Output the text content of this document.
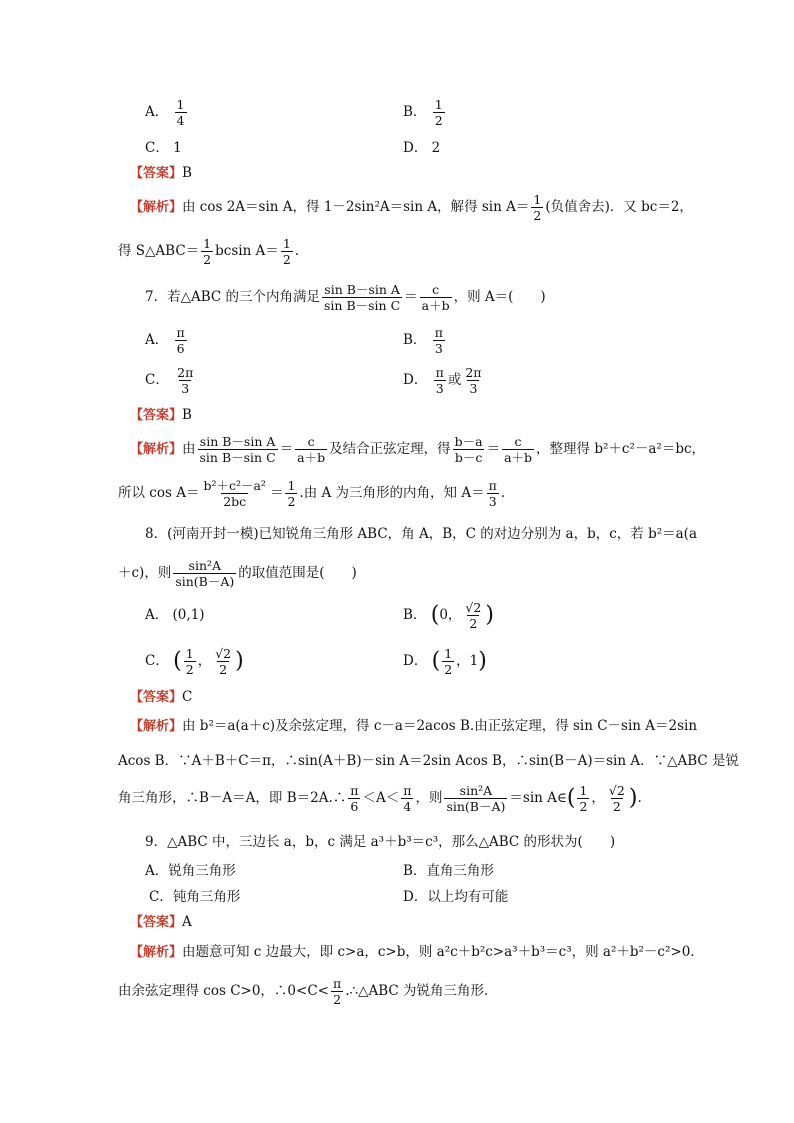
A． $\frac{1}{4}$	B． $\frac{1}{2}$
C． 1	D． 2
【答案】B
【解析】由 cos 2A＝sin A，得 1－2sin²A＝sin A，解得 $\sin A= \frac{1}{2}$ (负值舍去)．又 bc＝2，
得 S△ABC＝ $\frac{1}{2}$ bcsin $A= \frac{1}{2}$ .
7．若△ABC 的三个内角满足 $\frac{\text{sin B－sin A}}{\text{sin B－sin C}} = \frac{c}{a+b}$ ，则 A＝(　　)
A． $\frac{\pi}{6}$	B． $\frac{\pi}{3}$
C． $\frac{2\pi}{3}$	D． $\frac{\pi}{3}$ 或 $\frac{2\pi}{3}$
【答案】B
【解析】由 $\frac{\text{sin B－sin A}}{\text{sin B－sin C}} = \frac{c}{a+b}$ 及结合正弦定理，得 $\frac{b-a}{b-c} = \frac{c}{a+b}$ ，整理得 b²＋c²－a²＝bc，
所以 $\cos A= \frac{\text{b²＋c²－a²}}{2bc} = \frac{1}{2}$ .由 A 为三角形的内角，知 $A= \frac{\pi}{3}$ .
8．(河南开封一模)已知锐角三角形 ABC，角 A，B，C 的对边分别为 a，b，c，若 b²＝a(a
＋c)，则 $\frac{\text{sin²A}}{\sin(B-A)}$ 的取值范围是(　　)
A． (0,1)	B． (0， $\frac{√2}{2}$ )
C． ( $\frac{1}{2}$ ， $\frac{√2}{2}$ )	D． ( $\frac{1}{2}$ ，1)
【答案】C
【解析】由 b²＝a(a＋c)及余弦定理，得 c－a＝2acos B.由正弦定理，得 sin C－sin A＝2sin
Acos B．∵A＋B＋C＝π，∴sin(A＋B)－sin A＝2sin Acos B，∴sin(B－A)＝sin A．∵△ABC 是锐
角三角形，∴B－A＝A，即 B＝2A.∴ $\frac{\pi}{6} <A< \frac{\pi}{4}$ ，则 $\frac{\text{sin²A}}{\sin(B-A)} =\sin$ A∈( $\frac{1}{2}$ ， $\frac{√2}{2}$ ).
9．△ABC 中，三边长 a，b，c 满足 a³＋b³＝c³，那么△ABC 的形状为(　　)
A．锐角三角形	B．直角三角形
C．钝角三角形	D．以上均有可能
【答案】A
【解析】由题意可知 c 边最大，即 c>a，c>b，则 a²c＋b²c>a³＋b³＝c³，则 a²＋b²－c²>0.
由余弦定理得 cos C>0，∴0<C< $\frac{\pi}{2}$ .∴△ABC 为锐角三角形．
